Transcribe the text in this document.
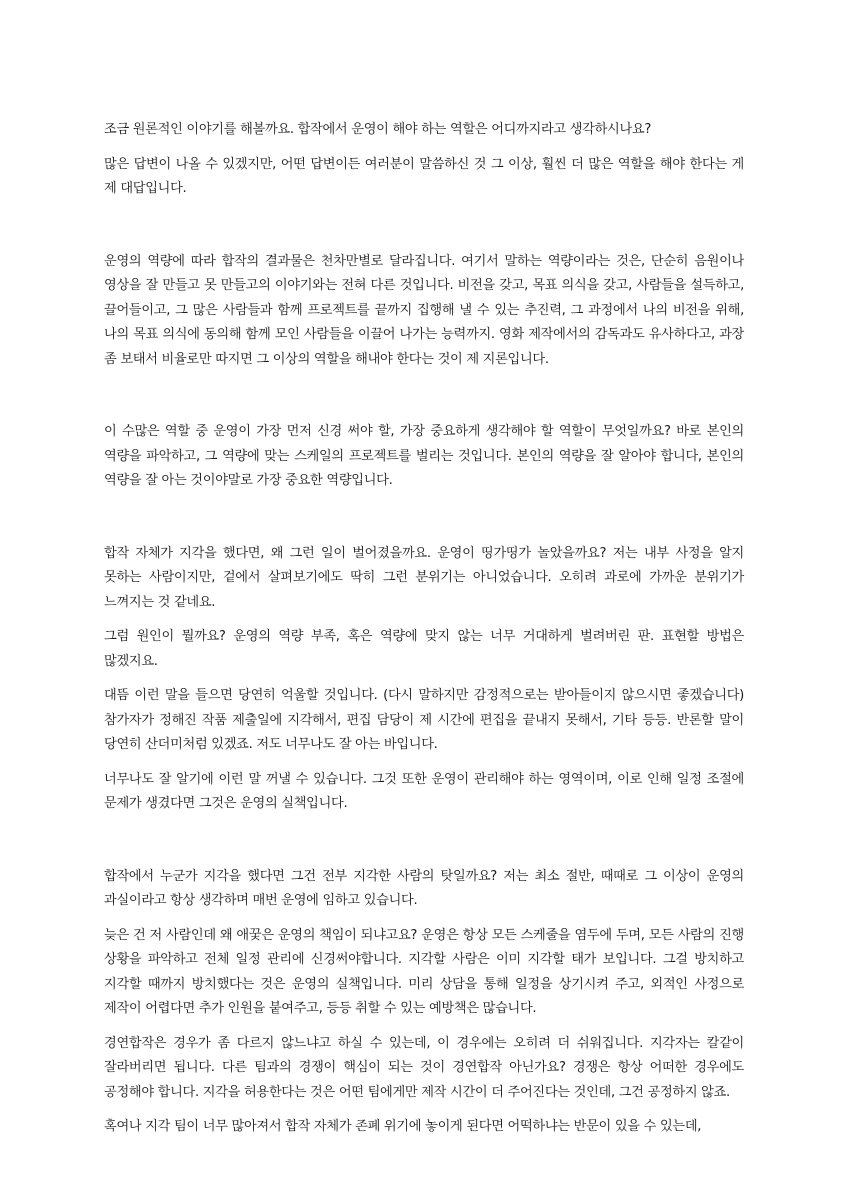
조금 원론적인 이야기를 해볼까요. 합작에서 운영이 해야 하는 역할은 어디까지라고 생각하시나요?

많은 답변이 나올 수 있겠지만, 어떤 답변이든 여러분이 말씀하신 것 그 이상, 훨씬 더 많은 역할을 해야 한다는 게 제 대답입니다.

운영의 역량에 따라 합작의 결과물은 천차만별로 달라집니다. 여기서 말하는 역량이라는 것은, 단순히 음원이나 영상을 잘 만들고 못 만들고의 이야기와는 전혀 다른 것입니다. 비전을 갖고, 목표 의식을 갖고, 사람들을 설득하고, 끌어들이고, 그 많은 사람들과 함께 프로젝트를 끝까지 집행해 낼 수 있는 추진력, 그 과정에서 나의 비전을 위해, 나의 목표 의식에 동의해 함께 모인 사람들을 이끌어 나가는 능력까지. 영화 제작에서의 감독과도 유사하다고, 과장 좀 보태서 비율로만 따지면 그 이상의 역할을 해내야 한다는 것이 제 지론입니다.

이 수많은 역할 중 운영이 가장 먼저 신경 써야 할, 가장 중요하게 생각해야 할 역할이 무엇일까요? 바로 본인의 역량을 파악하고, 그 역량에 맞는 스케일의 프로젝트를 벌리는 것입니다. 본인의 역량을 잘 알아야 합니다, 본인의 역량을 잘 아는 것이야말로 가장 중요한 역량입니다.

합작 자체가 지각을 했다면, 왜 그런 일이 벌어졌을까요. 운영이 띵가띵가 놀았을까요? 저는 내부 사정을 알지 못하는 사람이지만, 겉에서 살펴보기에도 딱히 그런 분위기는 아니었습니다. 오히려 과로에 가까운 분위기가 느껴지는 것 같네요.

그럼 원인이 뭘까요? 운영의 역량 부족, 혹은 역량에 맞지 않는 너무 거대하게 벌려버린 판. 표현할 방법은 많겠지요.

대뜸 이런 말을 들으면 당연히 억울할 것입니다. (다시 말하지만 감정적으로는 받아들이지 않으시면 좋겠습니다) 참가자가 정해진 작품 제출일에 지각해서, 편집 담당이 제 시간에 편집을 끝내지 못해서, 기타 등등. 반론할 말이 당연히 산더미처럼 있겠죠. 저도 너무나도 잘 아는 바입니다.

너무나도 잘 알기에 이런 말 꺼낼 수 있습니다. 그것 또한 운영이 관리해야 하는 영역이며, 이로 인해 일정 조절에 문제가 생겼다면 그것은 운영의 실책입니다.

합작에서 누군가 지각을 했다면 그건 전부 지각한 사람의 탓일까요? 저는 최소 절반, 때때로 그 이상이 운영의 과실이라고 항상 생각하며 매번 운영에 임하고 있습니다.

늦은 건 저 사람인데 왜 애꿎은 운영의 책임이 되냐고요? 운영은 항상 모든 스케줄을 염두에 두며, 모든 사람의 진행 상황을 파악하고 전체 일정 관리에 신경써야합니다. 지각할 사람은 이미 지각할 태가 보입니다. 그걸 방치하고 지각할 때까지 방치했다는 것은 운영의 실책입니다. 미리 상담을 통해 일정을 상기시켜 주고, 외적인 사정으로 제작이 어렵다면 추가 인원을 붙여주고, 등등 취할 수 있는 예방책은 많습니다.

경연합작은 경우가 좀 다르지 않느냐고 하실 수 있는데, 이 경우에는 오히려 더 쉬워집니다. 지각자는 칼같이 잘라버리면 됩니다. 다른 팀과의 경쟁이 핵심이 되는 것이 경연합작 아닌가요? 경쟁은 항상 어떠한 경우에도 공정해야 합니다. 지각을 허용한다는 것은 어떤 팀에게만 제작 시간이 더 주어진다는 것인데, 그건 공정하지 않죠.

혹여나 지각 팀이 너무 많아져서 합작 자체가 존폐 위기에 놓이게 된다면 어떡하냐는 반문이 있을 수 있는데,
